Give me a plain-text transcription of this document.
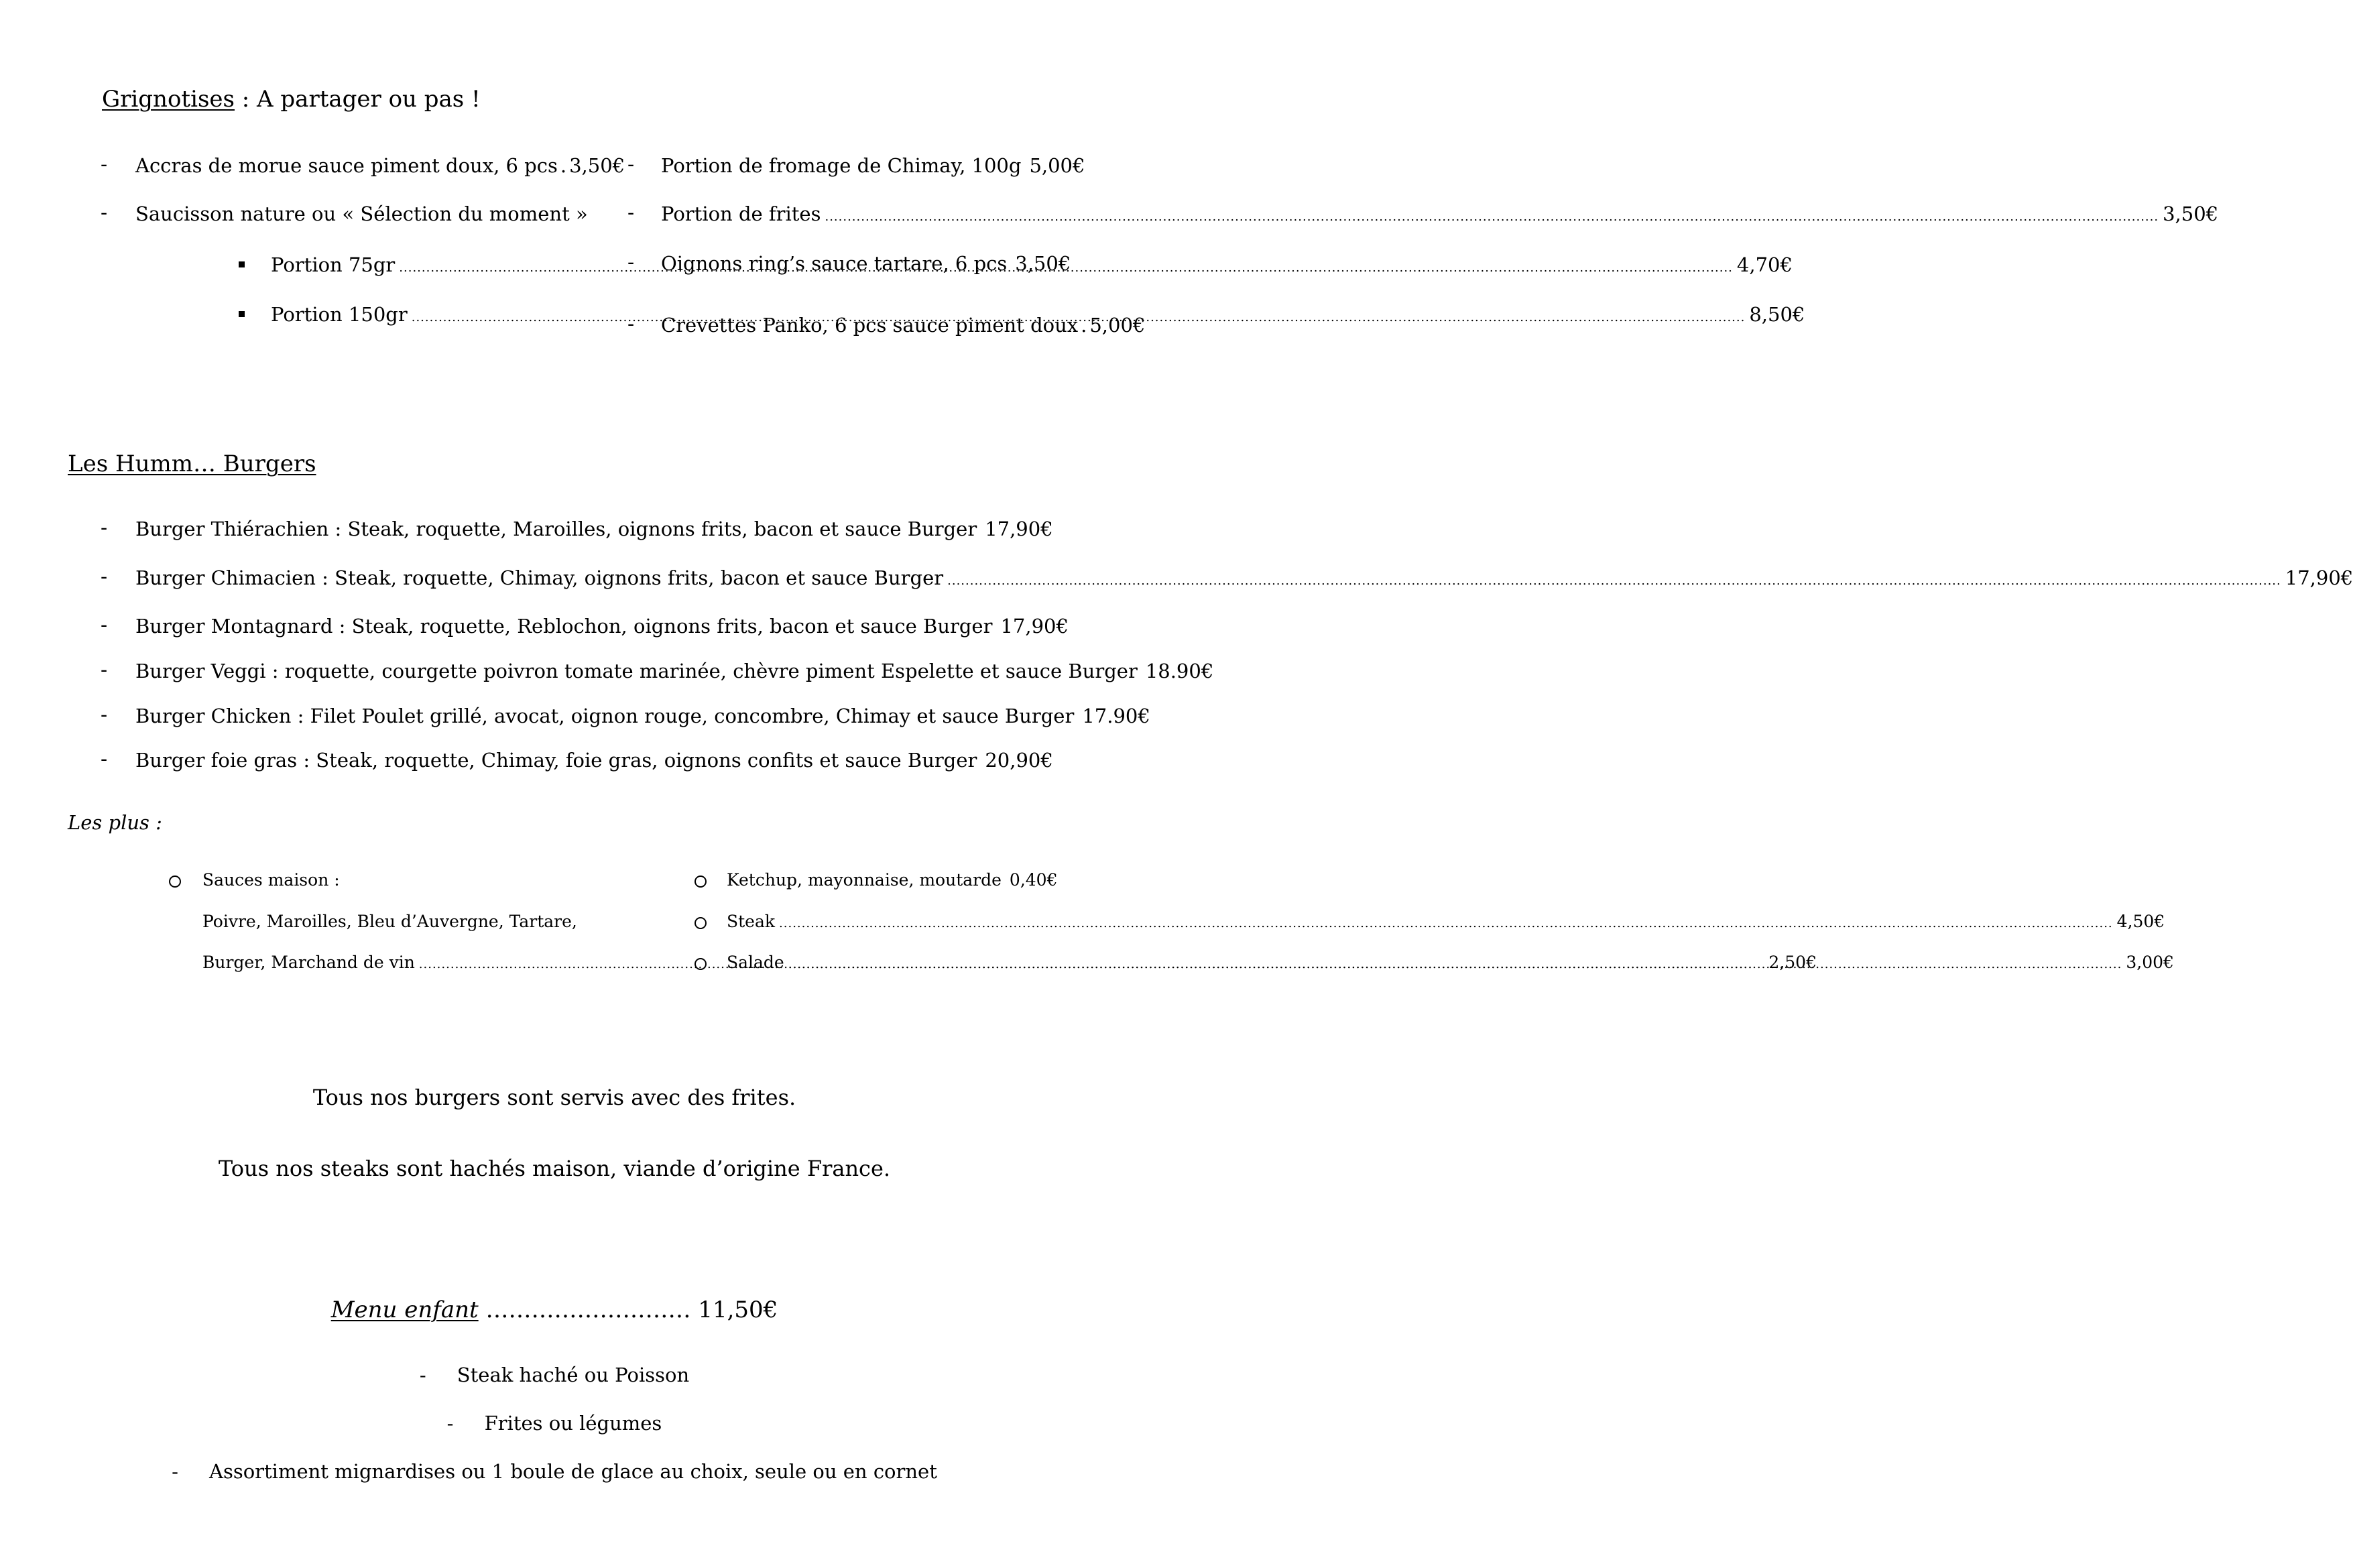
Grignotises : A partager ou pas !
- Accras de morue sauce piment doux, 6 pcs . 3,50€
- Saucisson nature ou « Sélection du moment »
Portion 75gr .....	4,70€
Portion 150gr .....	8,50€
- Portion de fromage de Chimay, 100g 5,00€
- Portion de frites .....	3,50€
- Oignons ring’s sauce tartare, 6 pcs 3,50€
- Crevettes Panko, 6 pcs sauce piment doux . 5,00€
Les Humm… Burgers
- Burger Thiérachien : Steak, roquette, Maroilles, oignons frits, bacon et sauce Burger 17,90€
- Burger Chimacien : Steak, roquette, Chimay, oignons frits, bacon et sauce Burger .....	17,90€
- Burger Montagnard : Steak, roquette, Reblochon, oignons frits, bacon et sauce Burger 17,90€
- Burger Veggi : roquette, courgette poivron tomate marinée, chèvre piment Espelette et sauce Burger 18.90€
- Burger Chicken : Filet Poulet grillé, avocat, oignon rouge, concombre, Chimay et sauce Burger 17.90€
- Burger foie gras : Steak, roquette, Chimay, foie gras, oignons confits et sauce Burger 20,90€
Les plus :
Sauces maison :
Poivre, Maroilles, Bleu d’Auvergne, Tartare,
Burger, Marchand de vin .....	2,50€
Ketchup, mayonnaise, moutarde 0,40€
Steak .....	4,50€
Salade .....	3,00€
Tous nos burgers sont servis avec des frites.
Tous nos steaks sont hachés maison, viande d’origine France.
Menu enfant ……………………… 11,50€
-     Steak haché ou Poisson
-     Frites ou légumes
-     Assortiment mignardises ou 1 boule de glace au choix, seule ou en cornet
